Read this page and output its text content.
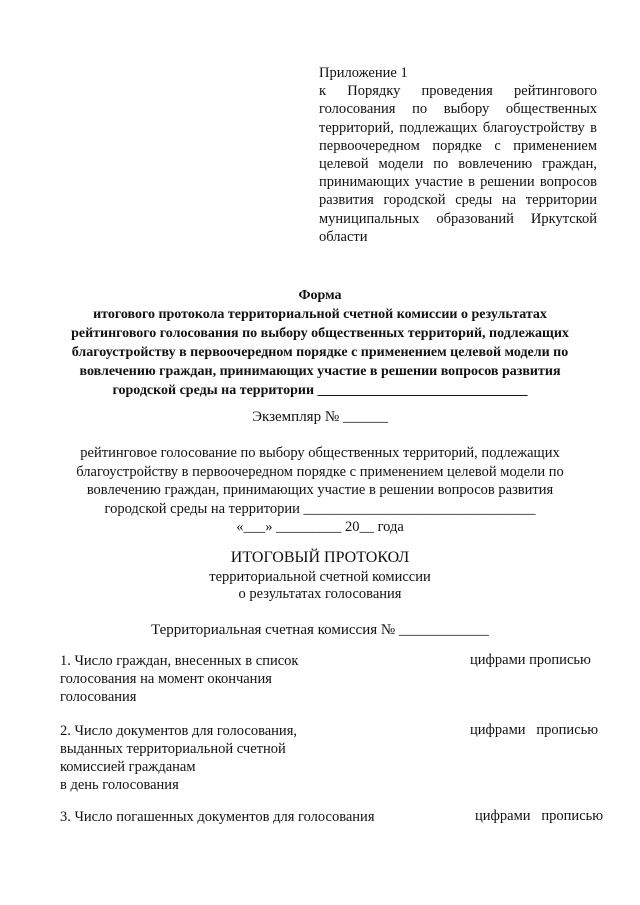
Приложение 1
к Порядку проведения рейтингового голосования по выбору общественных территорий, подлежащих благоустройству в первоочередном порядке с применением целевой модели по вовлечению граждан, принимающих участие в решении вопросов развития городской среды на территории муниципальных образований Иркутской области
Форма
итогового протокола территориальной счетной комиссии о результатах
рейтингового голосования по выбору общественных территорий, подлежащих
благоустройству в первоочередном порядке с применением целевой модели по
вовлечению граждан, принимающих участие в решении вопросов развития
городской среды на территории ______________________________
Экземпляр № ______
рейтинговое голосование по выбору общественных территорий, подлежащих
благоустройству в первоочередном порядке с применением целевой модели по
вовлечению граждан, принимающих участие в решении вопросов развития
городской среды на территории ________________________________
«___» _________ 20__ года
ИТОГОВЫЙ ПРОТОКОЛ
территориальной счетной комиссии
о результатах голосования
Территориальная счетная комиссия № ____________
1. Число граждан, внесенных в список
голосования на момент окончания
голосования
цифрами прописью
2. Число документов для голосования,
выданных территориальной счетной
комиссией гражданам
в день голосования
цифрами   прописью
3. Число погашенных документов для голосования	цифрами   прописью
